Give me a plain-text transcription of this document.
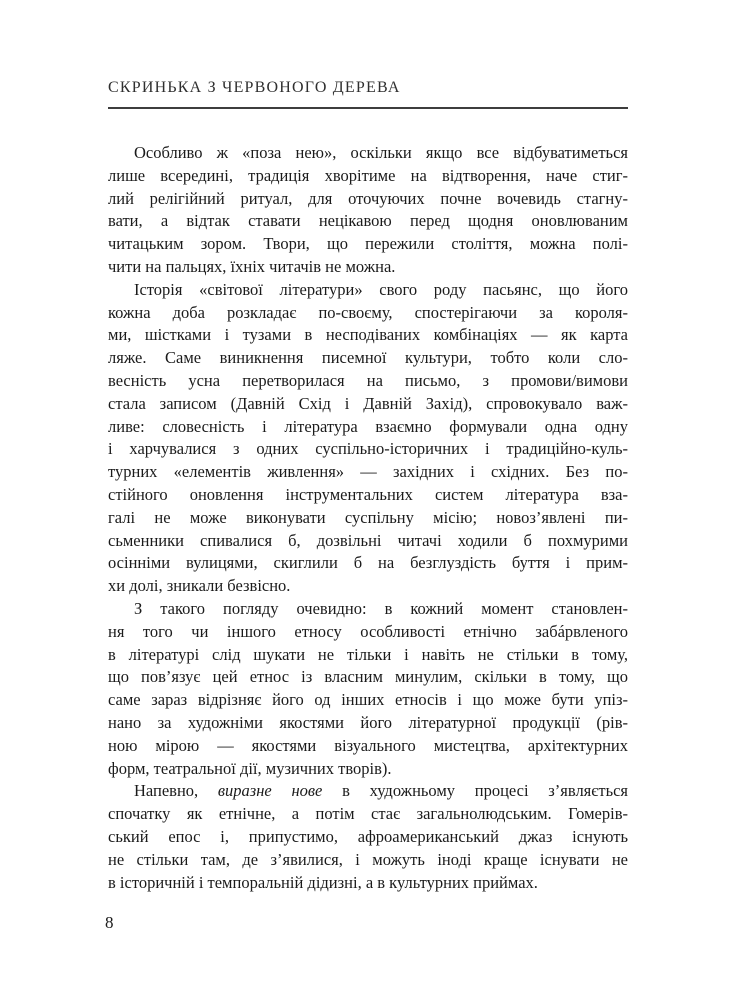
СКРИНЬКА З ЧЕРВОНОГО ДЕРЕВА
Особливо ж «поза нею», оскільки якщо все відбуватиметься
лише всередині, традиція хворітиме на відтворення, наче стиг-
лий релігійний ритуал, для оточуючих почне вочевидь стагну-
вати, а відтак ставати нецікавою перед щодня оновлюваним
читацьким зором. Твори, що пережили століття, можна полі-
чити на пальцях, їхніх читачів не можна.
Історія «світової літератури» свого роду пасьянс, що його
кожна доба розкладає по-своєму, спостерігаючи за короля-
ми, шістками і тузами в несподіваних комбінаціях — як карта
ляже. Саме виникнення писемної культури, тобто коли сло-
весність усна перетворилася на письмо, з промови/вимови
стала записом (Давній Схід і Давній Захід), спровокувало важ-
ливе: словесність і література взаємно формували одна одну
і харчувалися з одних суспільно-історичних і традиційно-куль-
турних «елементів живлення» — західних і східних. Без по-
стійного оновлення інструментальних систем література вза-
галі не може виконувати суспільну місію; новоз’явлені пи-
сьменники спивалися б, дозвільні читачі ходили б похмурими
осінніми вулицями, скиглили б на безглуздість буття і прим-
хи долі, зникали безвісно.
З такого погляду очевидно: в кожний момент становлен-
ня того чи іншого етносу особливості етнічно забáрвленого
в літературі слід шукати не тільки і навіть не стільки в тому,
що пов’язує цей етнос із власним минулим, скільки в тому, що
саме зараз відрізняє його од інших етносів і що може бути упіз-
нано за художніми якостями його літературної продукції (рів-
ною мірою — якостями візуального мистецтва, архітектурних
форм, театральної дії, музичних творів).
Напевно, виразне нове в художньому процесі з’являється
спочатку як етнічне, а потім стає загальнолюдським. Гомерів-
ський епос і, припустимо, афроамериканський джаз існують
не стільки там, де з’явилися, і можуть іноді краще існувати не
в історичній і темпоральній дідизні, а в культурних приймах.
8
